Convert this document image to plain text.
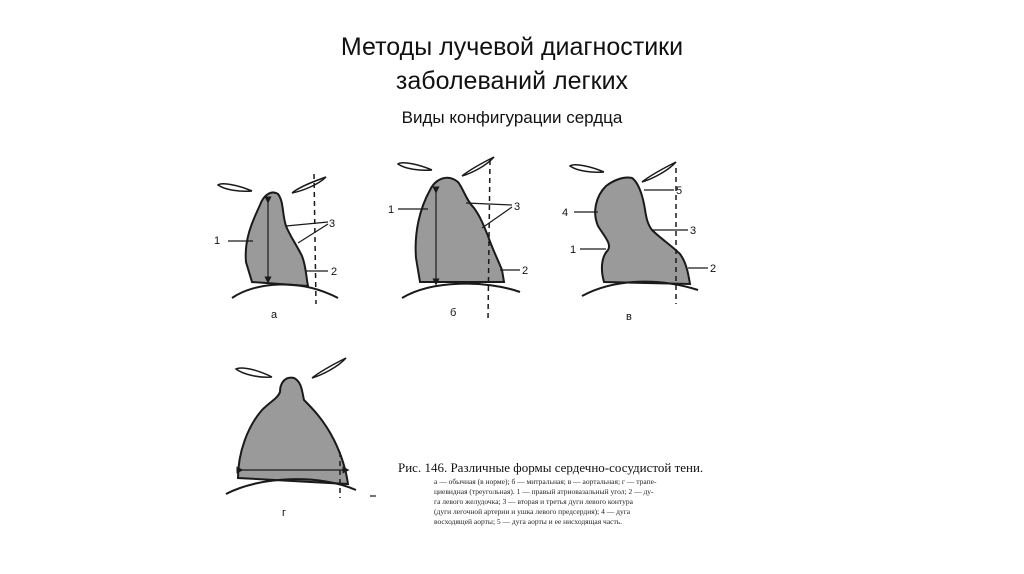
Методы лучевой диагностики
заболеваний легких
Виды конфигурации сердца
1
2
3
а
1
2
3
б
5
4
3
1
2
в
г
Рис. 146. Различные формы сердечно-сосудистой тени.
а — обычная (в норме); б — митральная; в — аортальная; г — трапе-
циевидная (треугольная). 1 — правый атриовазальный угол; 2 — ду-
га левого желудочка; 3 — вторая и третья дуги левого контура
(дуги легочной артерии и ушка левого предсердия); 4 — дуга
восходящей аорты; 5 — дуга аорты и ее нисходящая часть.
